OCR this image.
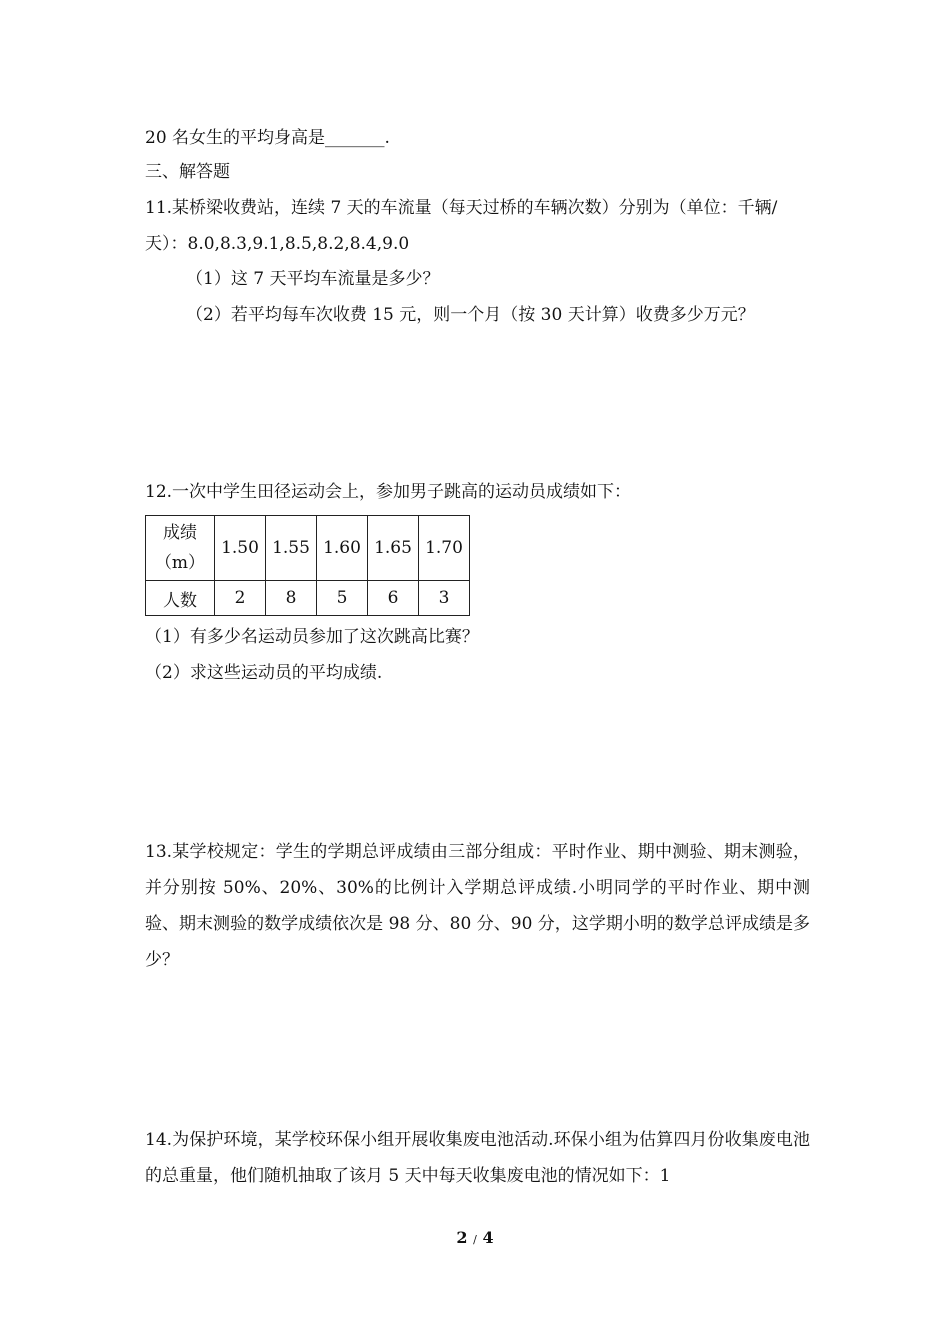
20 名女生的平均身高是_______.
三、解答题
11.某桥梁收费站，连续 7 天的车流量（每天过桥的车辆次数）分别为（单位：千辆/
天）：8.0,8.3,9.1,8.5,8.2,8.4,9.0
（1）这 7 天平均车流量是多少？
（2）若平均每车次收费 15 元，则一个月（按 30 天计算）收费多少万元？
12.一次中学生田径运动会上，参加男子跳高的运动员成绩如下：
成绩
（m）	1.50	1.55	1.60	1.65	1.70
人数	2	8	5	6	3
（1）有多少名运动员参加了这次跳高比赛？
（2）求这些运动员的平均成绩.
13.某学校规定：学生的学期总评成绩由三部分组成：平时作业、期中测验、期末测验，并分别按 50%、20%、30%的比例计入学期总评成绩.小明同学的平时作业、期中测验、期末测验的数学成绩依次是 98 分、80 分、90 分，这学期小明的数学总评成绩是多少？
14.为保护环境，某学校环保小组开展收集废电池活动.环保小组为估算四月份收集废电池的总重量，他们随机抽取了该月 5 天中每天收集废电池的情况如下：1
2 / 4
